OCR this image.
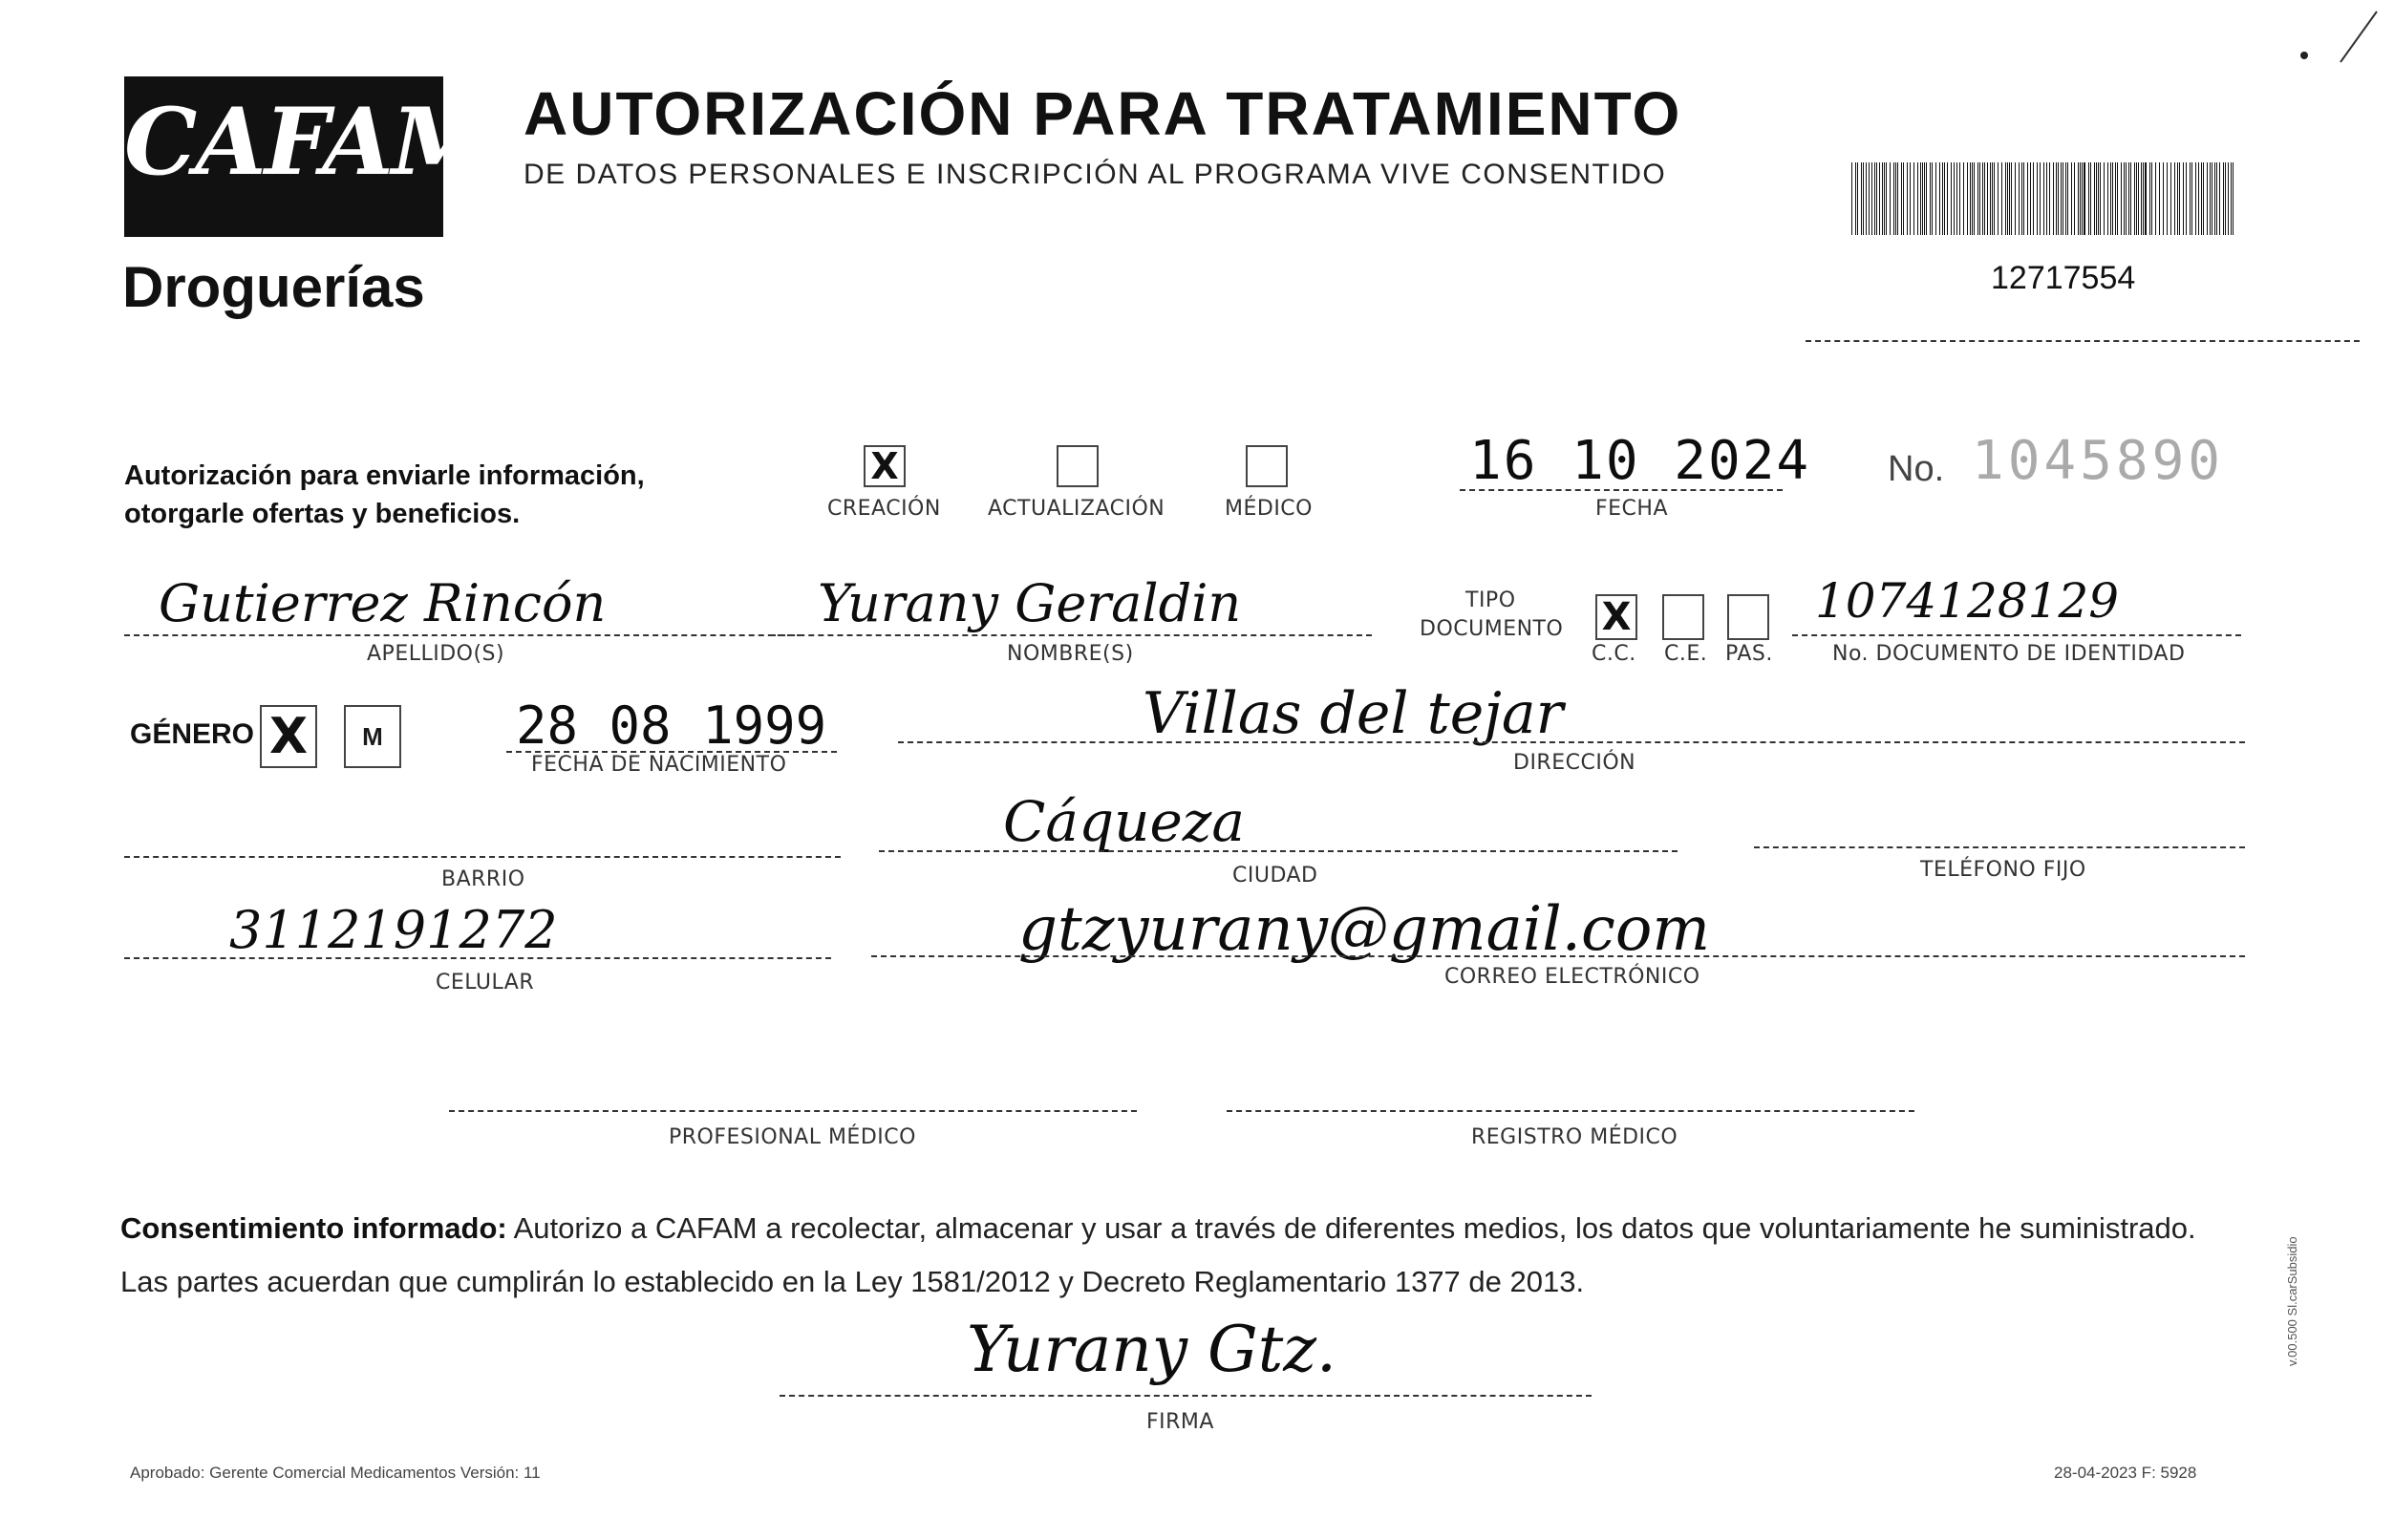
CAFAM
Droguerías
AUTORIZACIÓN PARA TRATAMIENTO
DE DATOS PERSONALES E INSCRIPCIÓN AL PROGRAMA VIVE CONSENTIDO
12717554
Autorización para enviarle información,
otorgarle ofertas y beneficios.
X
CREACIÓN ACTUALIZACIÓN	MÉDICO
16 10 2024
FECHA
No. 1045890
Gutierrez Rincón
APELLIDO(S)
Yurany Geraldin
NOMBRE(S)
TIPO
DOCUMENTO X
C.C. C.E. PAS.
1074128129
No. DOCUMENTO DE IDENTIDAD
GÉNERO X	M	28 08 1999
FECHA DE NACIMIENTO
Villas del tejar
DIRECCIÓN
BARRIO
Cáqueza
CIUDAD	TELÉFONO FIJO
3112191272
CELULAR
gtzyurany@gmail.com
CORREO ELECTRÓNICO
PROFESIONAL MÉDICO	REGISTRO MÉDICO
Consentimiento informado: Autorizo a CAFAM a recolectar, almacenar y usar a través de diferentes medios, los datos que voluntariamente he suministrado.
Las partes acuerdan que cumplirán lo establecido en la Ley 1581/2012 y Decreto Reglamentario 1377 de 2013.
Yurany Gtz.
FIRMA
Aprobado: Gerente Comercial Medicamentos Versión: 11	28-04-2023 F: 5928
v.00.500 Sl.carSubsidio
